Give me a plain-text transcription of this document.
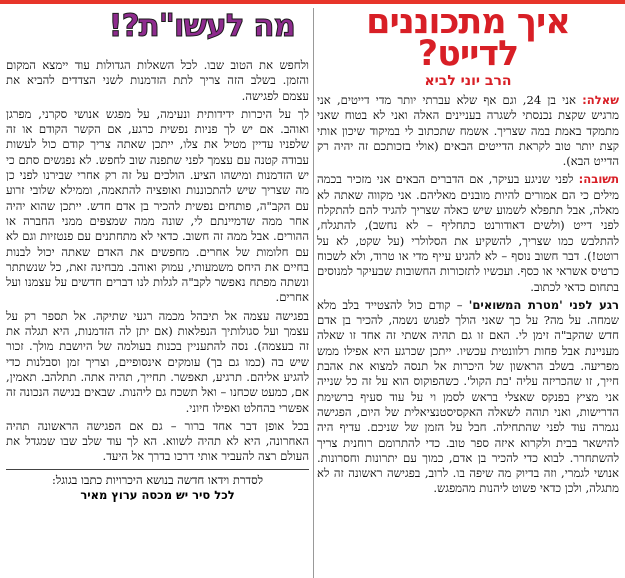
איך מתכוננים
לדייט?
הרב יוני לביא

שאלה: אני בן 24, וגם אף שלא עברתי יותר מדי דייטים, אני מרגיש שקצת נכנסתי לשגרה בעניינים האלה ואני לא בטוח שאני מתמקד באמת במה שצריך. אשמח שתכתוב לי במיקוד שיכון אותי קצת יותר טוב לקראת הדייטים הבאים (אולי בזכותכם זה יהיה רק הדייט הבא).

תשובה: לפני שניגע בעיקר, אם הדברים הבאים אני מזכיר בכמה מילים כי הם אמורים להיות מובנים מאליהם. אני מקווה שאתה לא מאלה, אבל תתפלא לשמוע שיש כאלה שצריך להגיד להם להתקלח לפני דייט (ולשים דאודורנט כתחליף – לא נחשב), להתגלח, להתלבש כמו שצריך, להשקיע את הסלולרי (על שקט, לא על רוטט!). דבר חשוב נוסף – לא להגיע עייף מדי או טרוד, ולא לשכוח כרטיס אשראי או כסף. ועכשיו לתזכורות החשובות שבעיקר למנוסים בתחום כדאי לכתוב.

רגע לפני 'מטרת המשואים' – קודם כול להצטייד בלב מלא שמחה. על מה? על כך שאני הולך לפגוש נשמה, להכיר בן אדם חדש שהקב"ה זימן לי. האם זו גם תהיה אשתי זה אחד זו שאלה מעניינת אבל פחות רלוונטית עכשיו. ייתכן שכרגע היא אפילו ממש מפריעה. בשלב הראשון של היכרות אל תנסה למצוא את אהבת חייך, זו שהכריזה עליה 'בת הקול'. כשהפוקוס הוא על זה כל שנייה אני מציץ בפנקס שאצלי בראש לסמן וי על עוד סעיף ברשימת הדרישות, ואני תוהה לשאלה האקסיסטנציאלית של היום, הפגישה נגמרה עוד לפני שהתחילה. חבל על הזמן של שניכם. עדיף היה להישאר בבית ולקרוא איזה ספר טוב. כדי להתרומם רוחנית צריך להשתחרר. לבוא כדי להכיר בן אדם, כמוך עם יתרונות וחסרונות. אנושי לגמרי, וזה בדיוק מה שיפה בו. לרוב, בפגישה ראשונה זה לא מתגלה, ולכן כדאי פשוט ליהנות מהמפגש.

מה לעשו"ת?!

ולחפש את הטוב שבו. לכל השאלות הגדולות עוד יימצא המקום והזמן. בשלב הזה צריך לתת הזדמנות לשני הצדדים להביא את עצמם לפגישה.

לך על היכרות ידידותית ונעימה, על מפגש אנושי סקרני, מפרגן ואוהב. אם יש לך פניות נפשית כרגע, אם הקשר הקודם או זה שלפניו עדיין מטיל את צלו, ייתכן שאתה צריך קודם כול לעשות עבודה קטנה עם עצמך לפני שתפנה שוב לחפש. לא נפגשים סתם כי יש הזדמנות ומישהו הציע. הולכים על זה רק אחרי שבירנו לפני כן מה שצריך שיש להתכוננות ואופציה להתאמה, וממילא שלובי זרוע עם הקב"ה, פותחים נפשית להכיר בן אדם חדש. ייתכן שהוא יהיה אחר ממה שדמיינתם לי, שונה ממה שמצפים ממני החברה או ההורים. אבל ממה זה חשוב. כדאי לא מתחתנים עם פנטזיות וגם לא עם חלומות של אחרים. מחפשים את האדם שאתה יכול לבנות בחיים את היחס משמעותי, עמוק ואוהב. מבחינה זאת, כל שנשתתר ונשתה מפתח נאפשר לקב"ה לגלות לנו דברים חדשים על עצמנו ועל אחרים.

בפגישה עצמה אל תיבהל מכמה רגעי שתיקה. אל תספר רק על עצמך ועל סגולותיך הנפלאות (אם יתן לה הזדמנות, היא תגלה את זה בעצמה). נסה להתעניין בכנות בעולמה של היושבת מולך. זכור שיש בה (כמו גם בך) עומקים אינסופיים, וצריך זמן וסבלנות כדי להגיע אליהם. תרגיע, תאפשר. תחייך, תהיה אתה. תתלהב. תאמין, אם, כמעט שכחנו – ואל תשכח גם ליהנות. שבאים בגישה הנכונה זה אפשרי בהחלט ואפילו חיוני.

בכל אופן דבר אחד ברור – גם אם הפגישה הראשונה תהיה האחרונה, היא לא תהיה לשווא. הא לך עוד שלב שבו שמגדל את העולם רצה להעביר אותי דרכו בדרך אל היעד.

לסדרת וידאו חדשה בנושא היכרויות כתבו בגוגל:
לכל סיר יש מכסה ערוץ מאיר
